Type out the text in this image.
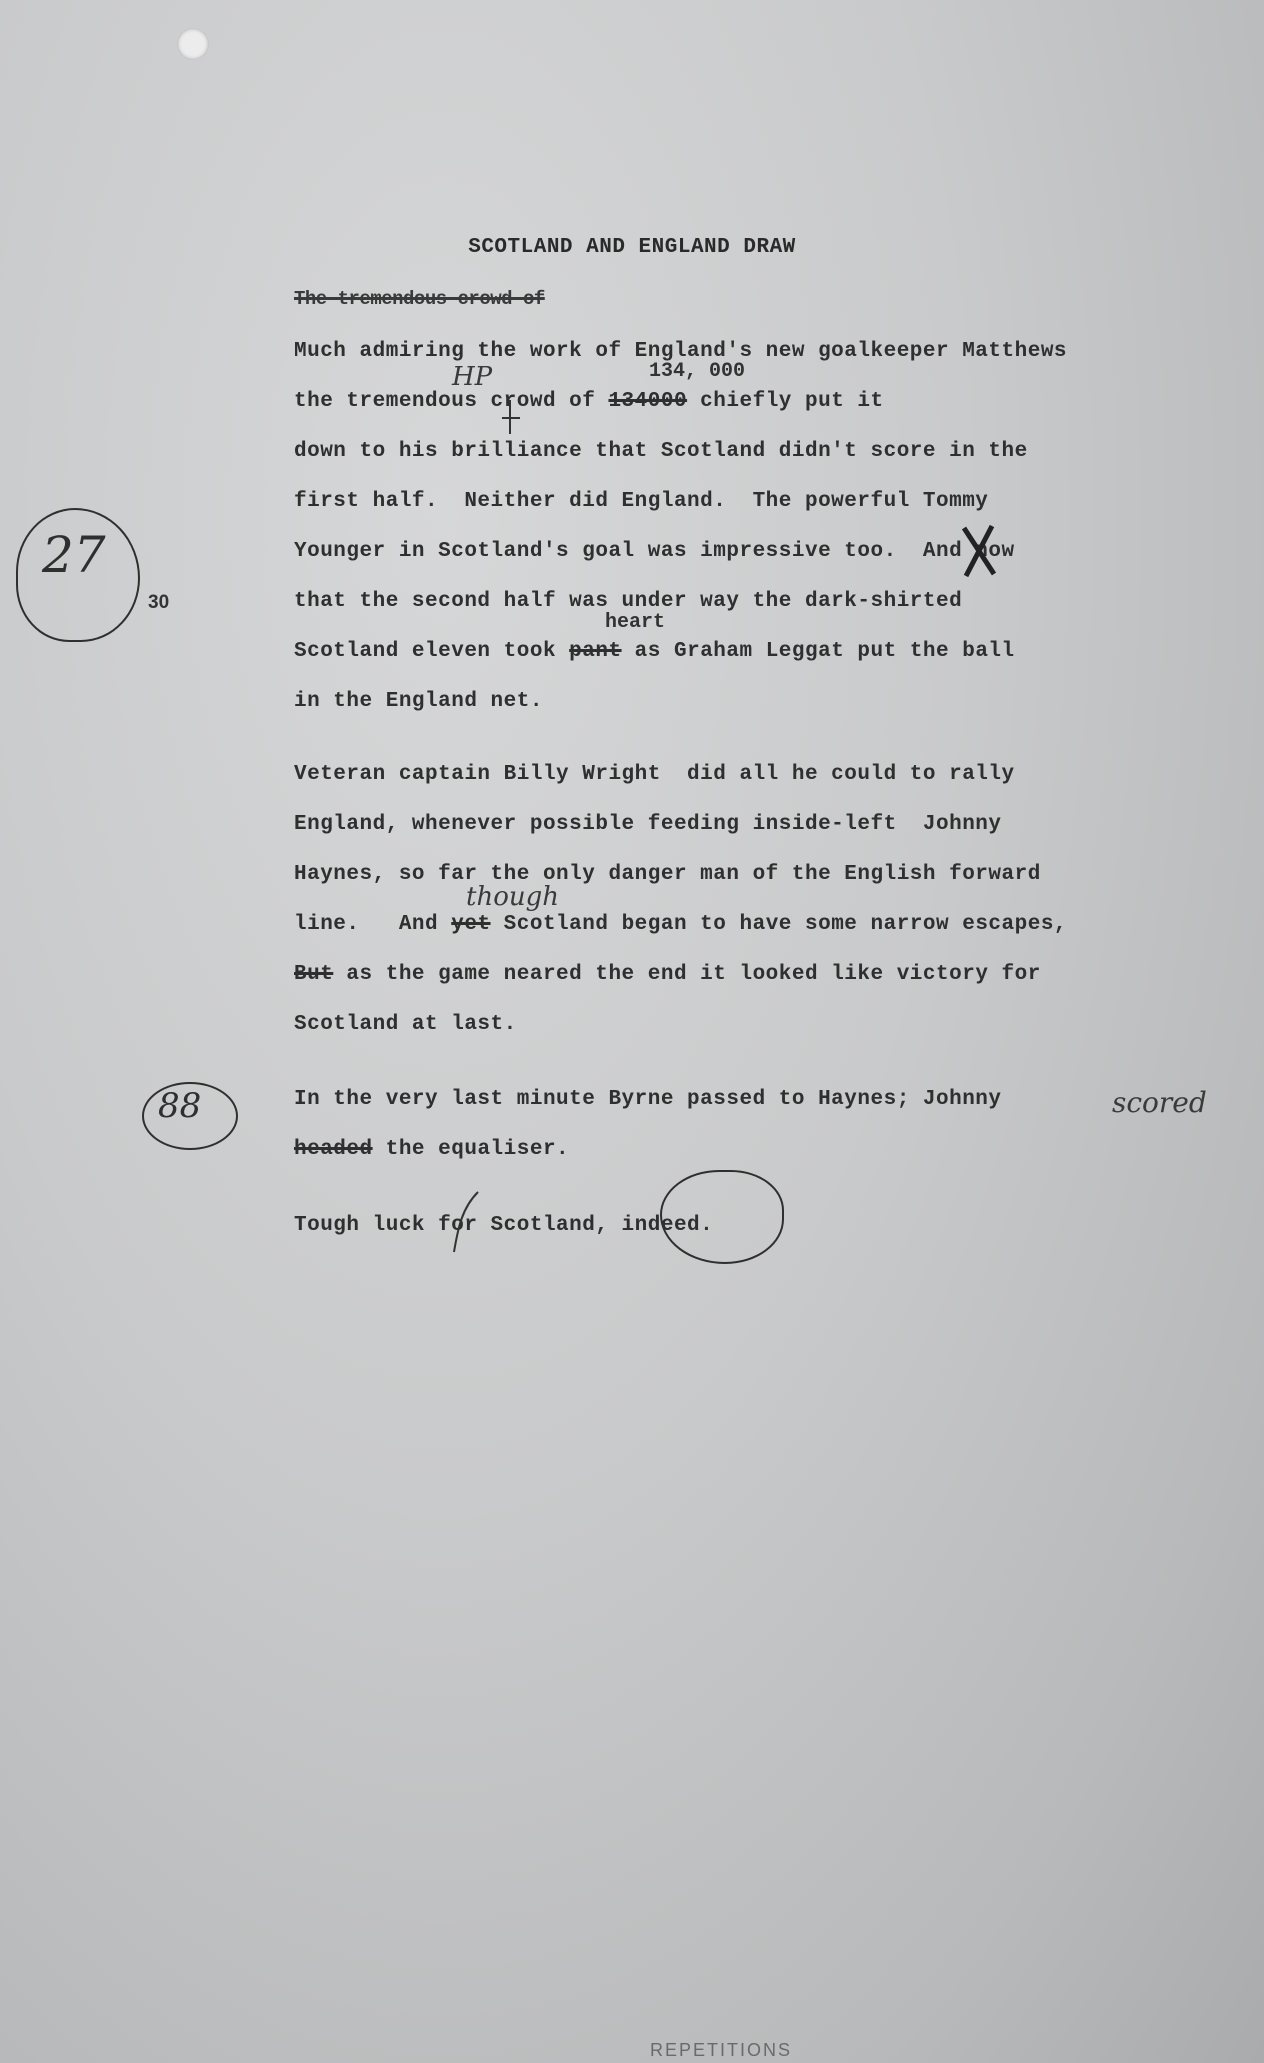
SCOTLAND AND ENGLAND DRAW
The tremendous crowd of
Much admiring the work of England's new goalkeeper Matthews
the tremendous crowd of 134000 chiefly put it
down to his brilliance that Scotland didn't score in the
first half.  Neither did England.  The powerful Tommy
Younger in Scotland's goal was impressive too.  And now
that the second half was under way the dark-shirted
Scotland eleven took pant as Graham Leggat put the ball
in the England net.
134, 000
heart
HP
Veteran captain Billy Wright  did all he could to rally
England, whenever possible feeding inside-left  Johnny
Haynes, so far the only danger man of the English forward
line.   And yet Scotland began to have some narrow escapes,
But as the game neared the end it looked like victory for
Scotland at last.
though
In the very last minute Byrne passed to Haynes; Johnny
headed the equaliser.
scored
Tough luck for Scotland, indeed.
27
30
88
REPETITIONS
